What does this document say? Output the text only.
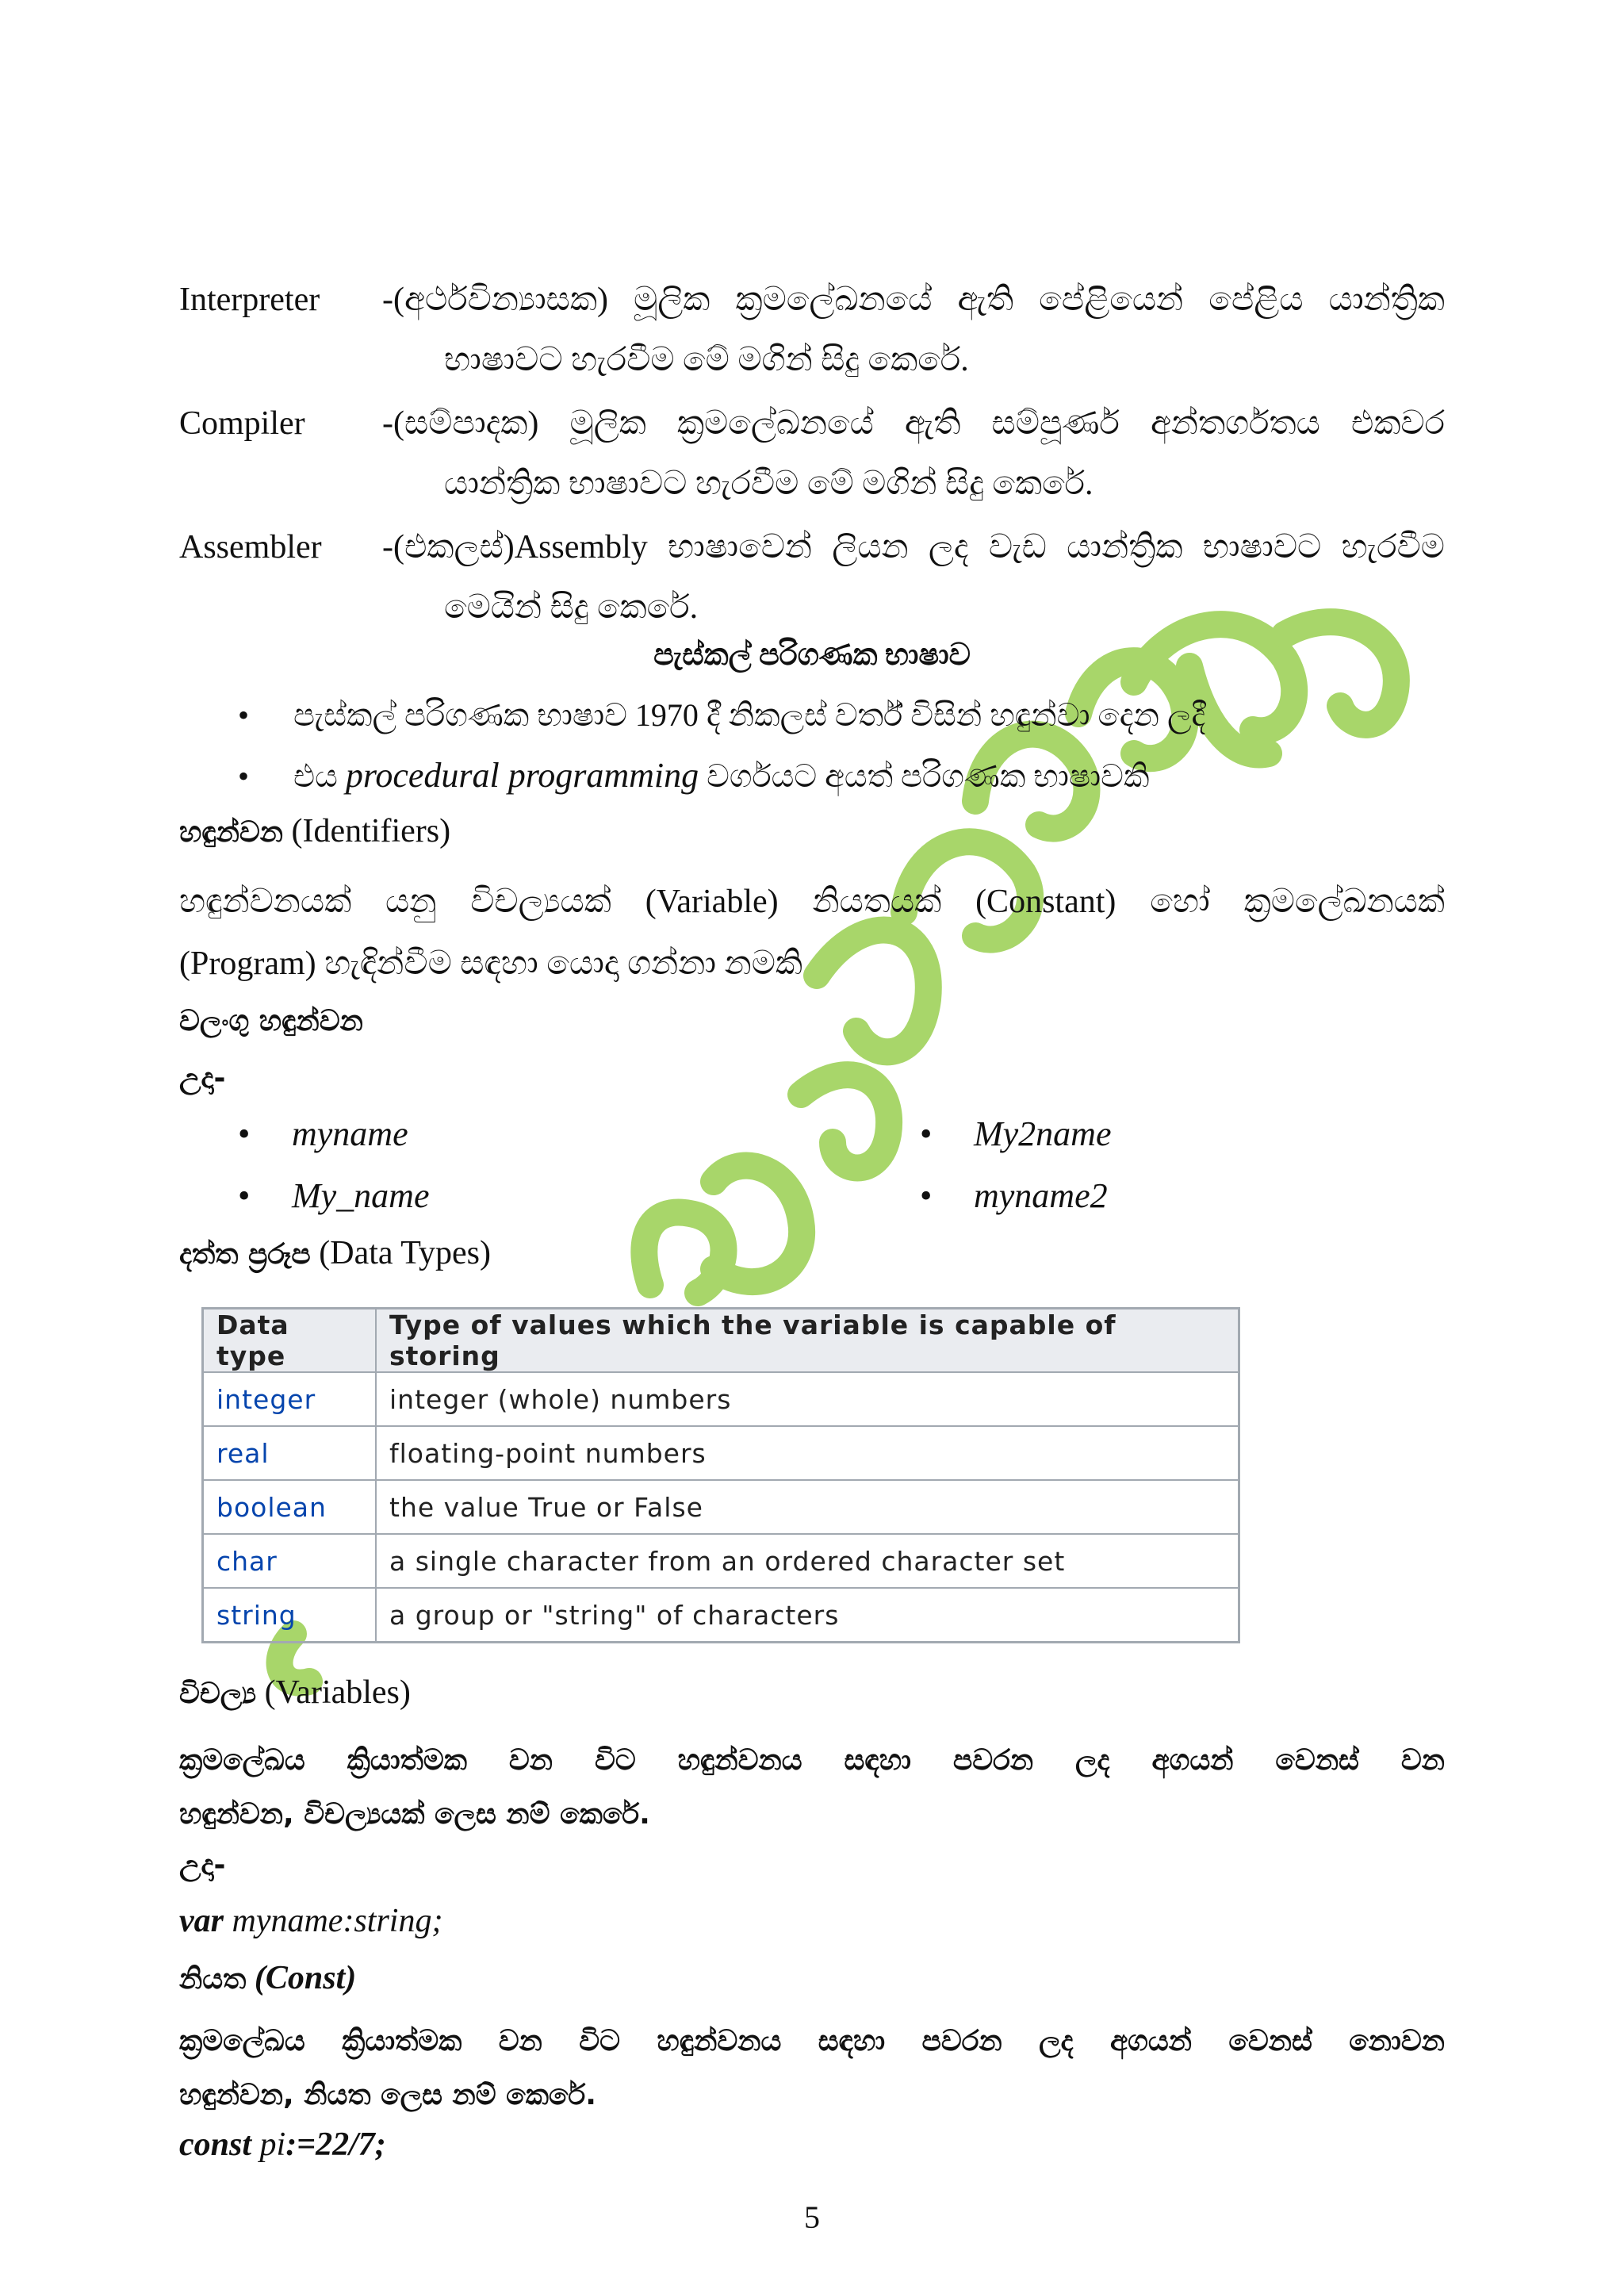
Interpreter -(අර්ථවින්‍යාසක) මූලික ක්‍රමලේඛනයේ ඇති පේළියෙන් පේළිය යාන්ත්‍රික
භාෂාවට හැරවීම මේ මගින් සිදු කෙරේ.
Compiler -(සම්පාදක) මූලික ක්‍රමලේඛනයේ ඇති සම්පූර්ණ අන්තර්ගතය එකවර
යාන්ත්‍රික භාෂාවට හැරවීම මේ මගින් සිදු කෙරේ.
Assembler -(එකලස්)Assembly භාෂාවෙන් ලියන ලද වැඩ යාන්ත්‍රික භාෂාවට හැරවීම
මෙයින් සිදු කෙරේ.
පැස්කල් පරිගණක භාෂාව
• පැස්කල් පරිගණක භාෂාව 1970 දී නිකලස් වර්ත් විසින් හඳුන්වා දෙන ලදී
• එය procedural programming වර්ගයට අයත් පරිගණක භාෂාවකි
හඳුන්වන (Identifiers)
හඳුන්වනයක් යනු විචල්‍යයක් (Variable) නියතයක් (Constant) හෝ ක්‍රමලේඛනයක්
(Program) හැඳින්වීම සඳහා යොදා ගන්නා නමකි
වලංගු හඳුන්වන
උදා-
• myname	• My2name
• My_name	• myname2
දත්ත ප්‍රරූප (Data Types)
Data type	Type of values which the variable is capable of storing
integer	integer (whole) numbers
real	floating-point numbers
boolean	the value True or False
char	a single character from an ordered character set
string	a group or "string" of characters
විචල්‍ය (Variables)
ක්‍රමලේඛය ක්‍රියාත්මක වන විට හඳුන්වනය සඳහා පවරන ලද අගයන් වෙනස් වන
හඳුන්වන, විචල්‍යයක් ලෙස නම් කෙරේ.
උදා-
var myname:string;
නියත (Const)
ක්‍රමලේඛය ක්‍රියාත්මක වන විට හඳුන්වනය සඳහා පවරන ලද අගයන් වෙනස් නොවන
හඳුන්වන, නියත ලෙස නම් කෙරේ.
const pi:=22/7;
5
